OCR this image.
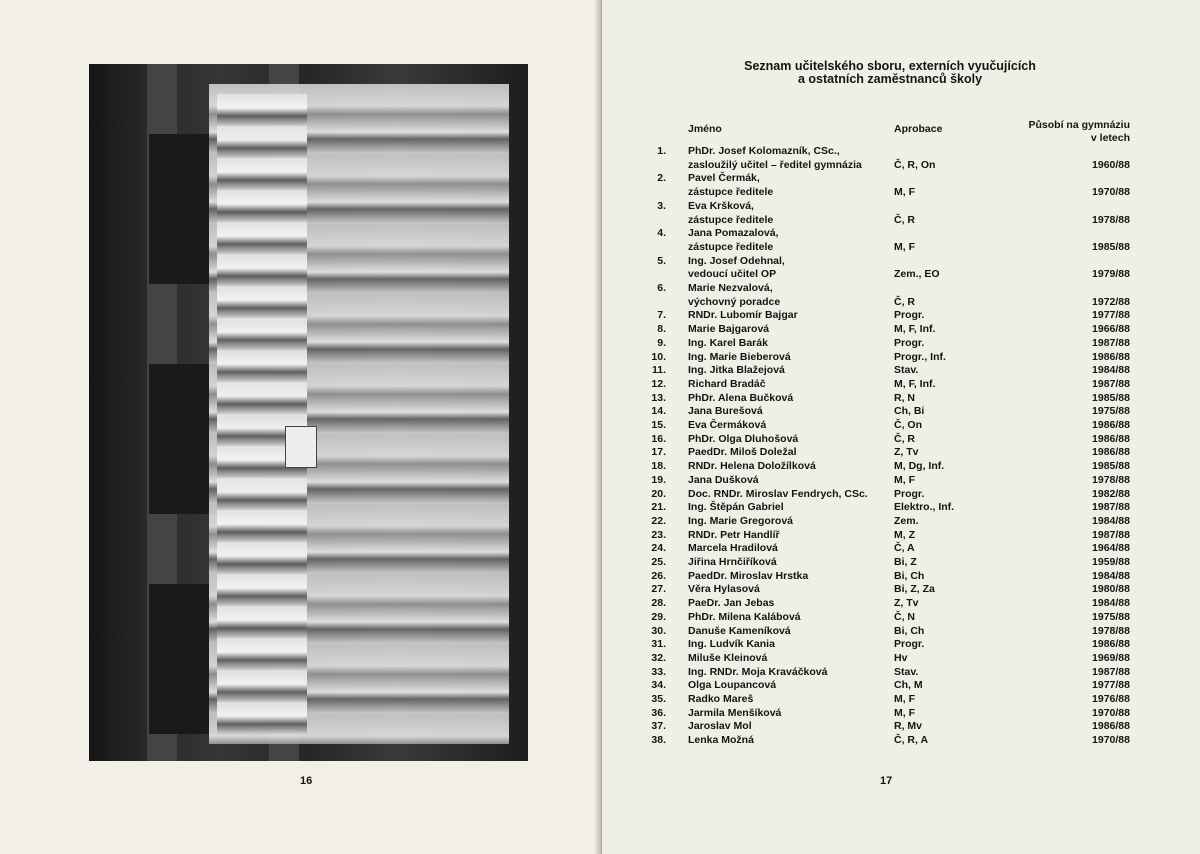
16
Seznam učitelského sboru, externích vyučujících
a ostatních zaměstnanců školy
Jméno	Aprobace	Působí na gymnáziu
v letech
1. PhDr. Josef Kolomazník, CSc.,
zasloužilý učitel – ředitel gymnázia	Č, R, On	1960/88
2. Pavel Čermák,
zástupce ředitele	M, F	1970/88
3. Eva Kršková,
zástupce ředitele	Č, R	1978/88
4. Jana Pomazalová,
zástupce ředitele	M, F	1985/88
5. Ing. Josef Odehnal,
vedoucí učitel OP	Zem., EO	1979/88
6. Marie Nezvalová,
výchovný poradce	Č, R	1972/88
7. RNDr. Lubomír Bajgar	Progr.	1977/88
8. Marie Bajgarová	M, F, Inf.	1966/88
9. Ing. Karel Barák	Progr.	1987/88
10. Ing. Marie Bieberová	Progr., Inf.	1986/88
11. Ing. Jitka Blažejová	Stav.	1984/88
12. Richard Bradáč	M, F, Inf.	1987/88
13. PhDr. Alena Bučková	R, N	1985/88
14. Jana Burešová	Ch, Bi	1975/88
15. Eva Čermáková	Č, On	1986/88
16. PhDr. Olga Dluhošová	Č, R	1986/88
17. PaedDr. Miloš Doležal	Z, Tv	1986/88
18. RNDr. Helena Doložílková	M, Dg, Inf.	1985/88
19. Jana Dušková	M, F	1978/88
20. Doc. RNDr. Miroslav Fendrych, CSc.	Progr.	1982/88
21. Ing. Štěpán Gabriel	Elektro., Inf.	1987/88
22. Ing. Marie Gregorová	Zem.	1984/88
23. RNDr. Petr Handlíř	M, Z	1987/88
24. Marcela Hradilová	Č, A	1964/88
25. Jiřina Hrnčiříková	Bi, Z	1959/88
26. PaedDr. Miroslav Hrstka	Bi, Ch	1984/88
27. Věra Hylasová	Bi, Z, Za	1980/88
28. PaeDr. Jan Jebas	Z, Tv	1984/88
29. PhDr. Milena Kalábová	Č, N	1975/88
30. Danuše Kameníková	Bi, Ch	1978/88
31. Ing. Ludvík Kania	Progr.	1986/88
32. Miluše Kleinová	Hv	1969/88
33. Ing. RNDr. Moja Kraváčková	Stav.	1987/88
34. Olga Loupancová	Ch, M	1977/88
35. Radko Mareš	M, F	1976/88
36. Jarmila Menšíková	M, F	1970/88
37. Jaroslav Mol	R, Mv	1986/88
38. Lenka Možná	Č, R, A	1970/88
17
